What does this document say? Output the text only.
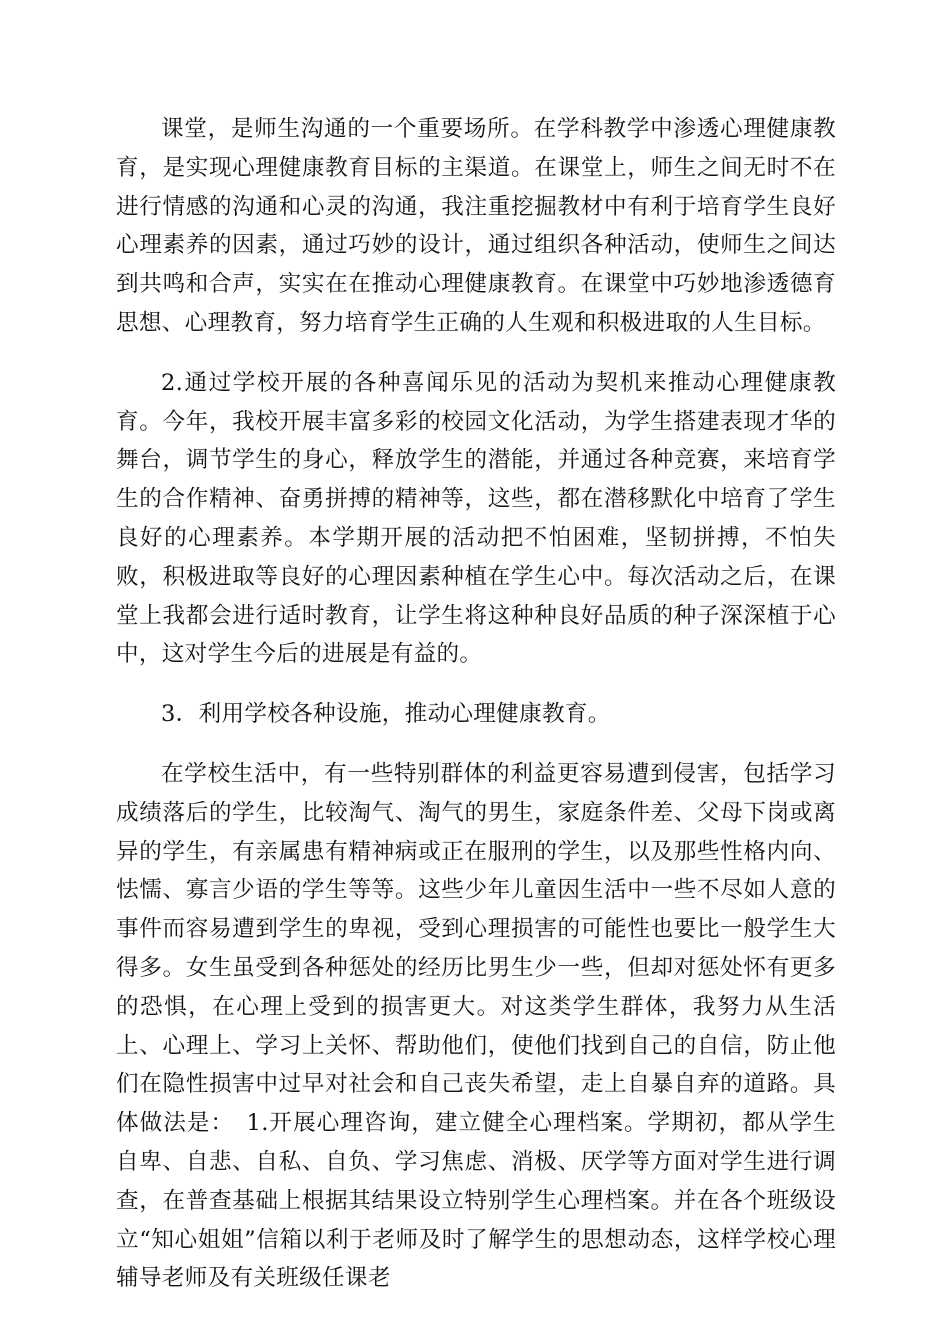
课堂，是师生沟通的一个重要场所。在学科教学中渗透心理健康教育，是实现心理健康教育目标的主渠道。在课堂上，师生之间无时不在进行情感的沟通和心灵的沟通，我注重挖掘教材中有利于培育学生良好心理素养的因素，通过巧妙的设计，通过组织各种活动，使师生之间达到共鸣和合声，实实在在推动心理健康教育。在课堂中巧妙地渗透德育思想、心理教育，努力培育学生正确的人生观和积极进取的人生目标。

2.通过学校开展的各种喜闻乐见的活动为契机来推动心理健康教育。今年，我校开展丰富多彩的校园文化活动，为学生搭建表现才华的舞台，调节学生的身心，释放学生的潜能，并通过各种竞赛，来培育学生的合作精神、奋勇拼搏的精神等，这些，都在潜移默化中培育了学生良好的心理素养。本学期开展的活动把不怕困难，坚韧拼搏，不怕失败，积极进取等良好的心理因素种植在学生心中。每次活动之后，在课堂上我都会进行适时教育，让学生将这种种良好品质的种子深深植于心中，这对学生今后的进展是有益的。

3．利用学校各种设施，推动心理健康教育。

在学校生活中，有一些特别群体的利益更容易遭到侵害，包括学习成绩落后的学生，比较淘气、淘气的男生，家庭条件差、父母下岗或离异的学生，有亲属患有精神病或正在服刑的学生，以及那些性格内向、怯懦、寡言少语的学生等等。这些少年儿童因生活中一些不尽如人意的事件而容易遭到学生的卑视，受到心理损害的可能性也要比一般学生大得多。女生虽受到各种惩处的经历比男生少一些，但却对惩处怀有更多的恐惧，在心理上受到的损害更大。对这类学生群体，我努力从生活上、心理上、学习上关怀、帮助他们，使他们找到自己的自信，防止他们在隐性损害中过早对社会和自己丧失希望，走上自暴自弃的道路。具体做法是：　1.开展心理咨询，建立健全心理档案。学期初，都从学生自卑、自悲、自私、自负、学习焦虑、消极、厌学等方面对学生进行调查，在普查基础上根据其结果设立特别学生心理档案。并在各个班级设立“知心姐姐”信箱以利于老师及时了解学生的思想动态，这样学校心理辅导老师及有关班级任课老
